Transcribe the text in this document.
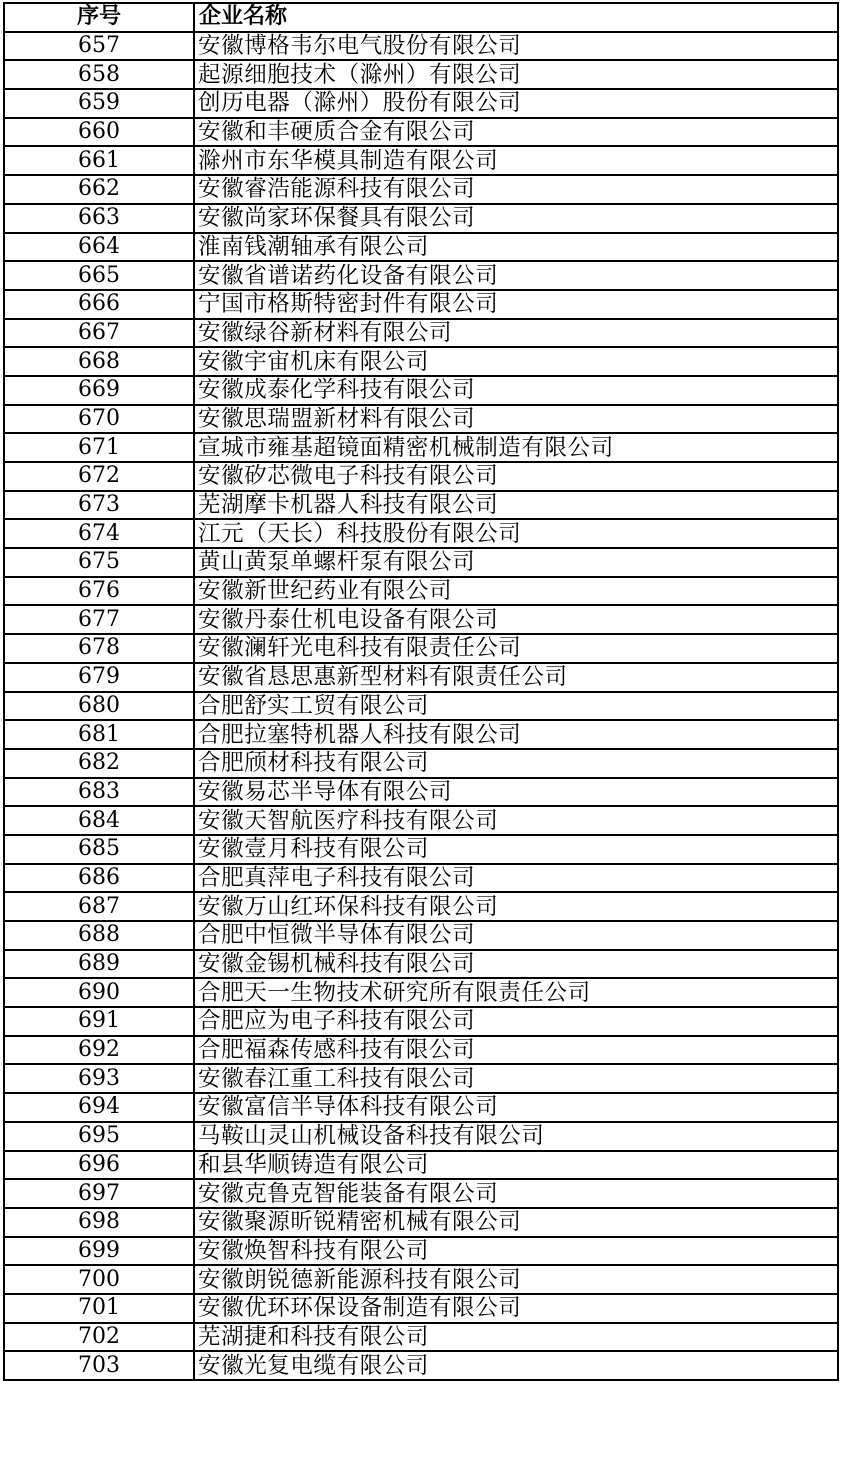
序号	企业名称
657	安徽博格韦尔电气股份有限公司
658	起源细胞技术（滁州）有限公司
659	创历电器（滁州）股份有限公司
660	安徽和丰硬质合金有限公司
661	滁州市东华模具制造有限公司
662	安徽睿浩能源科技有限公司
663	安徽尚家环保餐具有限公司
664	淮南钱潮轴承有限公司
665	安徽省谱诺药化设备有限公司
666	宁国市格斯特密封件有限公司
667	安徽绿谷新材料有限公司
668	安徽宇宙机床有限公司
669	安徽成泰化学科技有限公司
670	安徽思瑞盟新材料有限公司
671	宣城市雍基超镜面精密机械制造有限公司
672	安徽矽芯微电子科技有限公司
673	芜湖摩卡机器人科技有限公司
674	江元（天长）科技股份有限公司
675	黄山黄泵单螺杆泵有限公司
676	安徽新世纪药业有限公司
677	安徽丹泰仕机电设备有限公司
678	安徽澜轩光电科技有限责任公司
679	安徽省恳思惠新型材料有限责任公司
680	合肥舒实工贸有限公司
681	合肥拉塞特机器人科技有限公司
682	合肥颀材科技有限公司
683	安徽易芯半导体有限公司
684	安徽天智航医疗科技有限公司
685	安徽壹月科技有限公司
686	合肥真萍电子科技有限公司
687	安徽万山红环保科技有限公司
688	合肥中恒微半导体有限公司
689	安徽金锡机械科技有限公司
690	合肥天一生物技术研究所有限责任公司
691	合肥应为电子科技有限公司
692	合肥福森传感科技有限公司
693	安徽春江重工科技有限公司
694	安徽富信半导体科技有限公司
695	马鞍山灵山机械设备科技有限公司
696	和县华顺铸造有限公司
697	安徽克鲁克智能装备有限公司
698	安徽聚源昕锐精密机械有限公司
699	安徽焕智科技有限公司
700	安徽朗锐德新能源科技有限公司
701	安徽优环环保设备制造有限公司
702	芜湖捷和科技有限公司
703	安徽光复电缆有限公司
